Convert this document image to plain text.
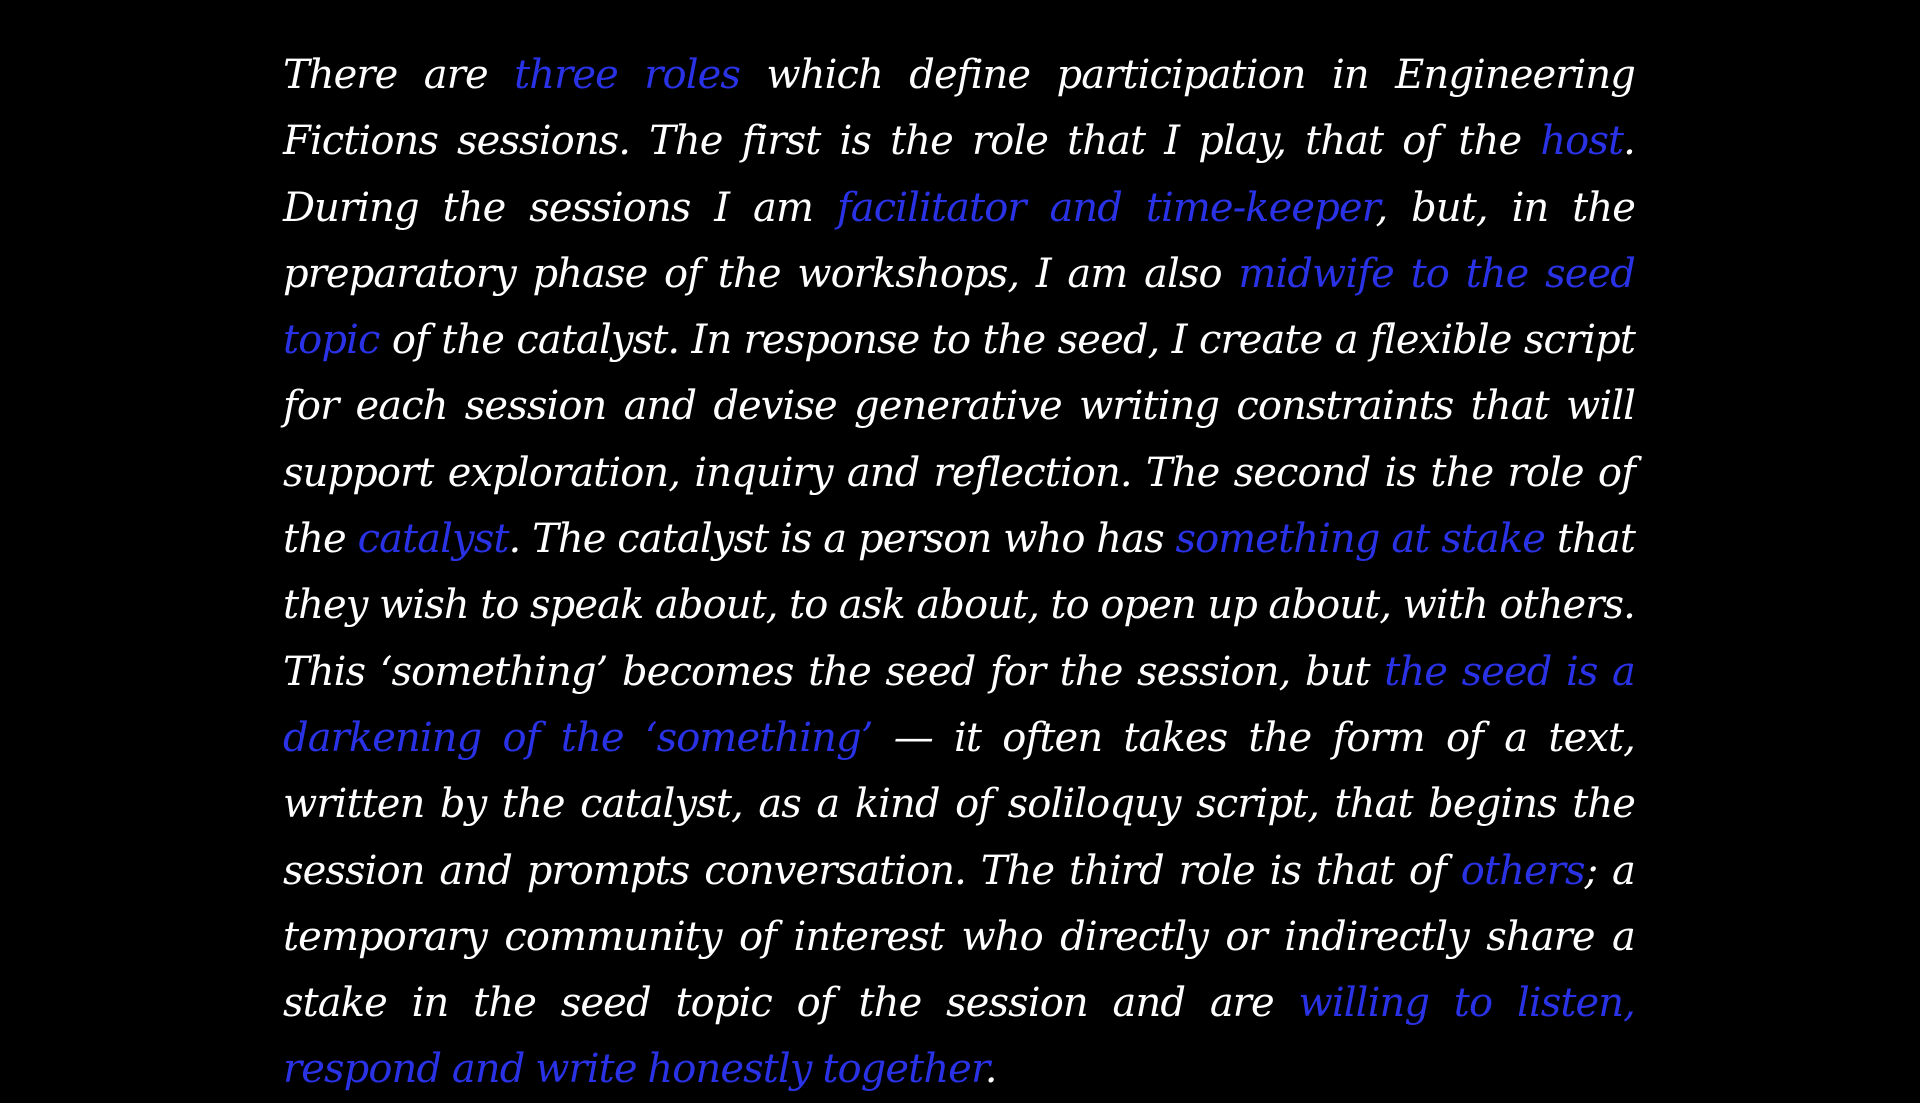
There are three roles which define participation in Engineering Fictions sessions. The first is the role that I play, that of the host. During the sessions I am facilitator and time-keeper, but, in the preparatory phase of the workshops, I am also midwife to the seed topic of the catalyst. In response to the seed, I create a flexible script for each session and devise generative writing constraints that will support exploration, inquiry and reflection. The second is the role of the catalyst. The catalyst is a person who has something at stake that they wish to speak about, to ask about, to open up about, with others. This ‘something’ becomes the seed for the session, but the seed is a darkening of the ‘something’ — it often takes the form of a text, written by the catalyst, as a kind of soliloquy script, that begins the session and prompts conversation. The third role is that of others; a temporary community of interest who directly or indirectly share a stake in the seed topic of the session and are willing to listen, respond and write honestly together.
